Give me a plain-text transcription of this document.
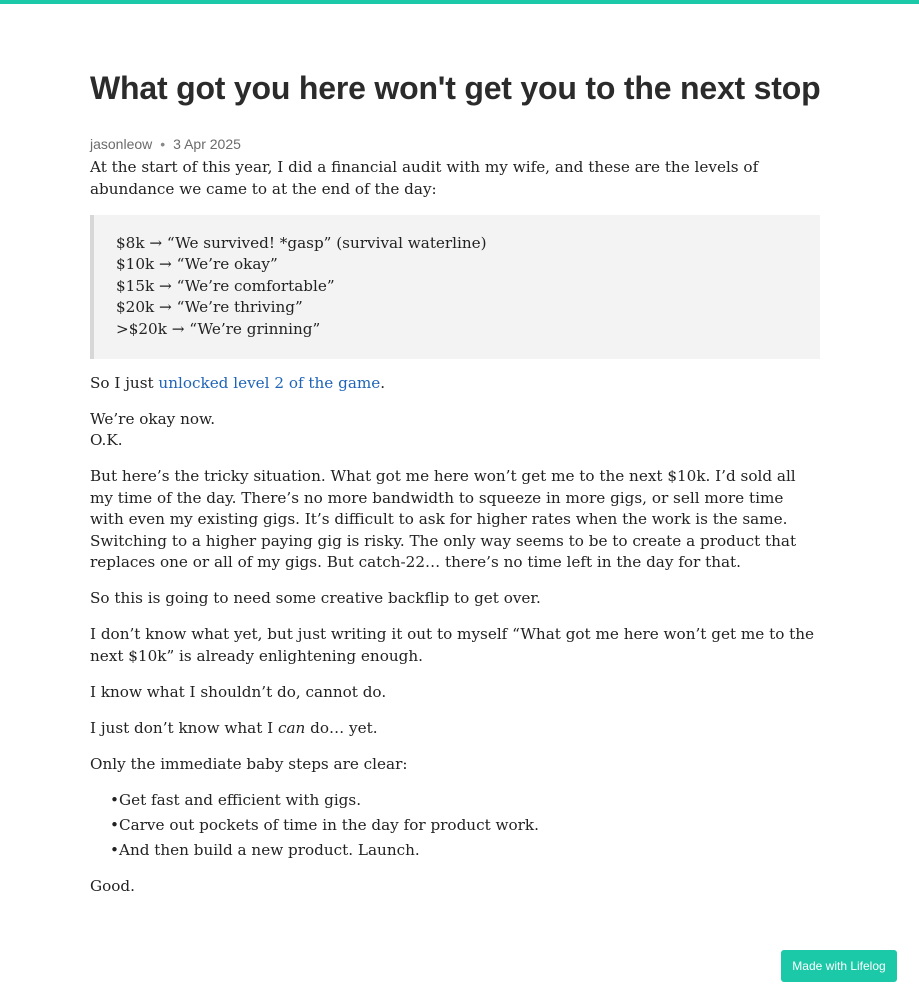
What got you here won't get you to the next stop
jasonleow • 3 Apr 2025

At the start of this year, I did a financial audit with my wife, and these are the levels of abundance we came to at the end of the day:

$8k → “We survived! *gasp” (survival waterline)
$10k → “We’re okay”
$15k → “We’re comfortable”
$20k → “We’re thriving”
>$20k → “We’re grinning”

So I just unlocked level 2 of the game.

We’re okay now.
O.K.

But here’s the tricky situation. What got me here won’t get me to the next $10k. I’d sold all my time of the day. There’s no more bandwidth to squeeze in more gigs, or sell more time with even my existing gigs. It’s difficult to ask for higher rates when the work is the same. Switching to a higher paying gig is risky. The only way seems to be to create a product that replaces one or all of my gigs. But catch-22… there’s no time left in the day for that.

So this is going to need some creative backflip to get over.

I don’t know what yet, but just writing it out to myself “What got me here won’t get me to the next $10k” is already enlightening enough.

I know what I shouldn’t do, cannot do.

I just don’t know what I can do… yet.

Only the immediate baby steps are clear:

•Get fast and efficient with gigs.
•Carve out pockets of time in the day for product work.
•And then build a new product. Launch.

Good.

Made with Lifelog
